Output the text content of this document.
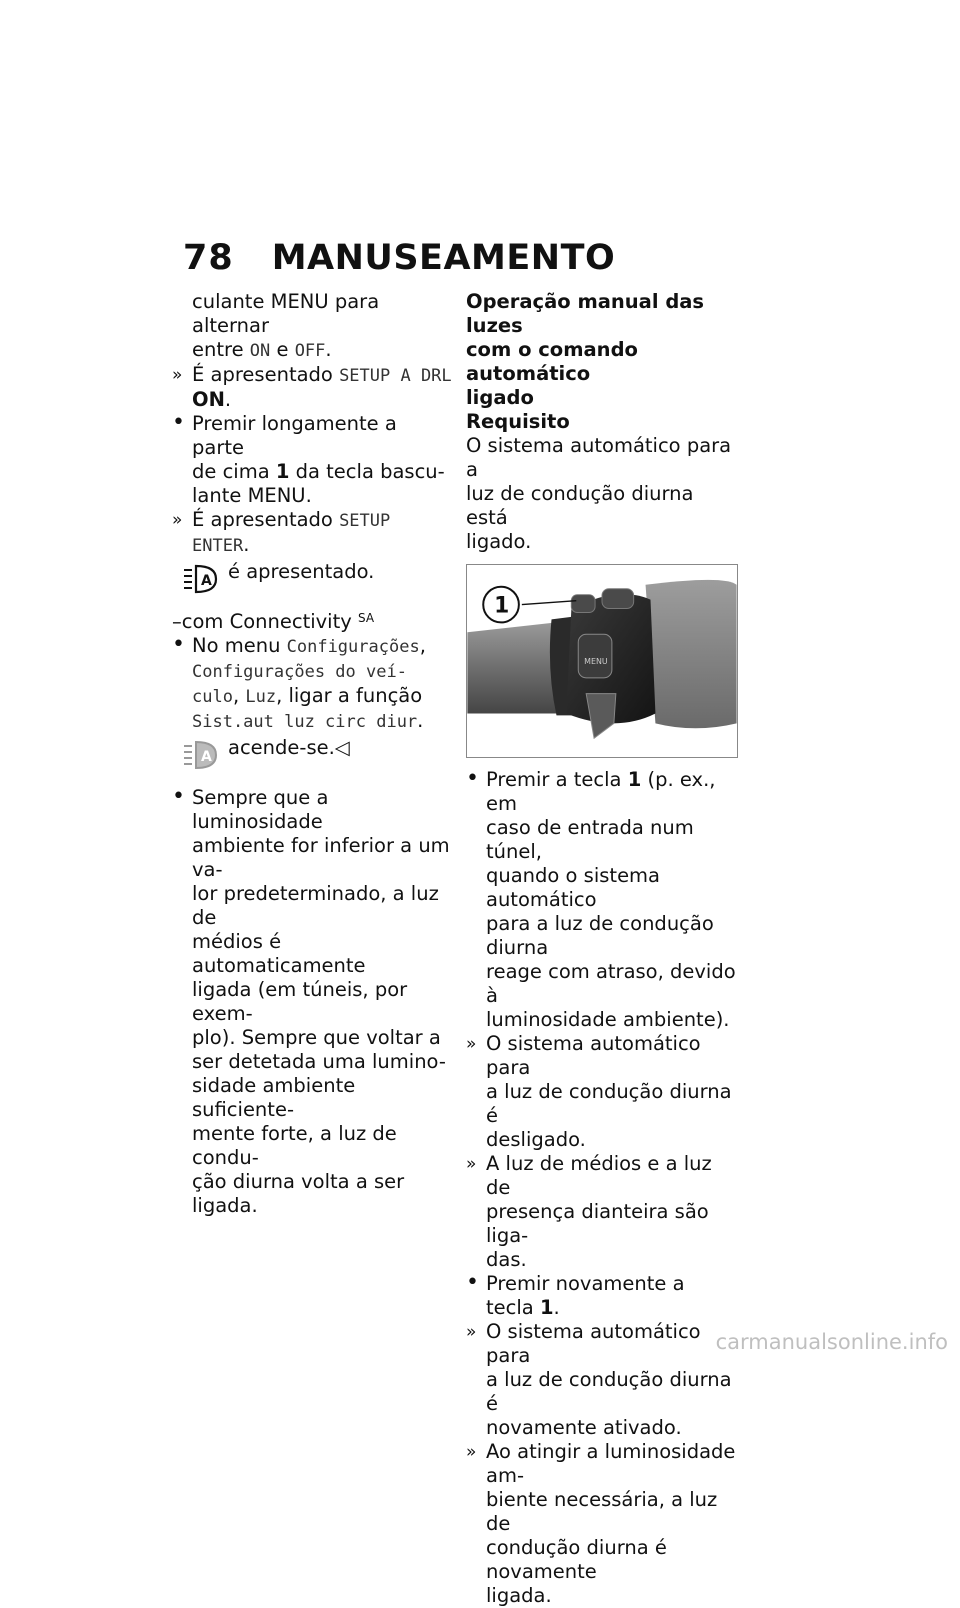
78 MANUSEAMENTO

culante MENU para alternar

entre ON e OFF.

» É apresentado SETUP A DRL
ON.
• Premir longamente a parte
de cima 1 da tecla bascu-
lante MENU.
» É apresentado SETUP ENTER.
A é apresentado.

–com Connectivity $^{SA}$

• No menu Configurações,
Configurações do veí-
culo, Luz, ligar a função
Sist.aut luz circ diur.
A acende-se.◁
• Sempre que a luminosidade
ambiente for inferior a um va-
lor predeterminado, a luz de
médios é automaticamente
ligada (em túneis, por exem-
plo). Sempre que voltar a
ser detetada uma lumino-
sidade ambiente suficiente-
mente forte, a luz de condu-
ção diurna volta a ser ligada.

Operação manual das luzes
com o comando automático
ligado

Requisito

O sistema automático para a
luz de condução diurna está
ligado.

MENU
1
• Premir a tecla 1 (p. ex., em
caso de entrada num túnel,
quando o sistema automático
para a luz de condução diurna
reage com atraso, devido à
luminosidade ambiente).
» O sistema automático para
a luz de condução diurna é
desligado.
» A luz de médios e a luz de
presença dianteira são liga-
das.
• Premir novamente a tecla 1.
» O sistema automático para
a luz de condução diurna é
novamente ativado.
» Ao atingir a luminosidade am-
biente necessária, a luz de
condução diurna é novamente
ligada.
carmanualsonline.info
